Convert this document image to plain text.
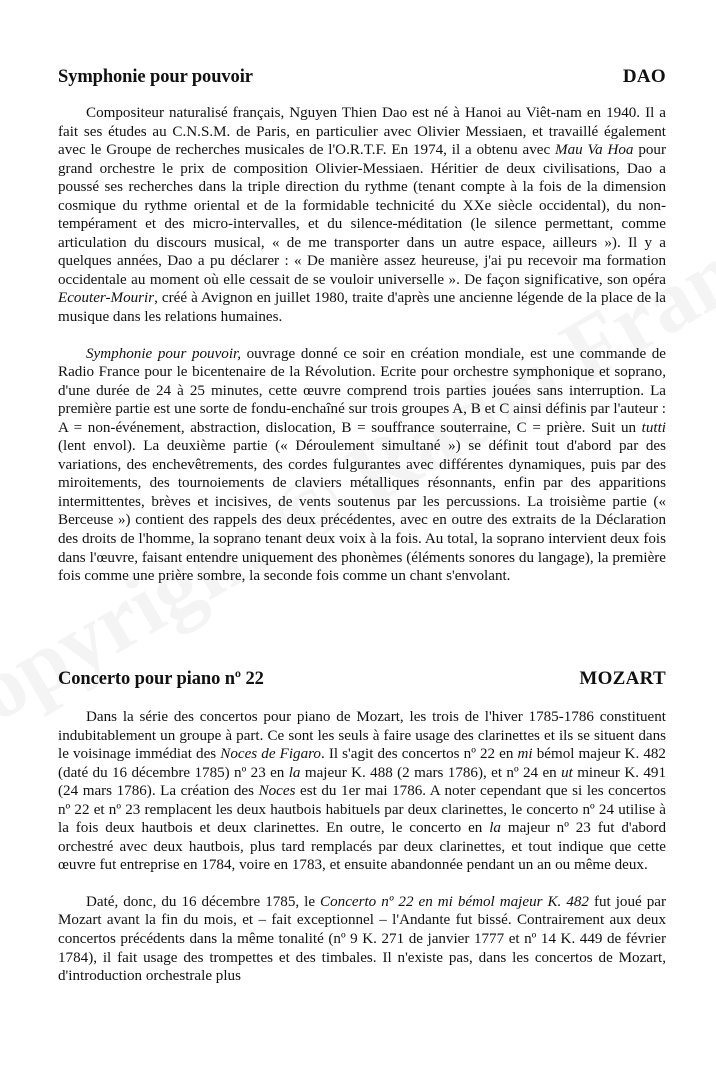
Symphonie pour pouvoir	DAO

Compositeur naturalisé français, Nguyen Thien Dao est né à Hanoi au Viêt-nam en 1940. Il a fait ses études au C.N.S.M. de Paris, en particulier avec Olivier Messiaen, et travaillé également avec le Groupe de recherches musicales de l'O.R.T.F. En 1974, il a obtenu avec Mau Va Hoa pour grand orchestre le prix de composition Olivier-Messiaen. Héritier de deux civilisations, Dao a poussé ses recherches dans la triple direction du rythme (tenant compte à la fois de la dimension cosmique du rythme oriental et de la formidable technicité du XXe siècle occidental), du non-tempérament et des micro-intervalles, et du silence-méditation (le silence permettant, comme articulation du discours musical, « de me transporter dans un autre espace, ailleurs »). Il y a quelques années, Dao a pu déclarer : « De manière assez heureuse, j'ai pu recevoir ma formation occidentale au moment où elle cessait de se vouloir universelle ». De façon significative, son opéra Ecouter-Mourir, créé à Avignon en juillet 1980, traite d'après une ancienne légende de la place de la musique dans les relations humaines.

Symphonie pour pouvoir, ouvrage donné ce soir en création mondiale, est une commande de Radio France pour le bicentenaire de la Révolution. Ecrite pour orchestre symphonique et soprano, d'une durée de 24 à 25 minutes, cette œuvre comprend trois parties jouées sans interruption. La première partie est une sorte de fondu-enchaîné sur trois groupes A, B et C ainsi définis par l'auteur : A = non-événement, abstraction, dislocation, B = souffrance souterraine, C = prière. Suit un tutti (lent envol). La deuxième partie (« Déroulement simultané ») se définit tout d'abord par des variations, des enchevêtrements, des cordes fulgurantes avec différentes dynamiques, puis par des miroitements, des tournoiements de claviers métalliques résonnants, enfin par des apparitions intermittentes, brèves et incisives, de vents soutenus par les percussions. La troisième partie (« Berceuse ») contient des rappels des deux précédentes, avec en outre des extraits de la Déclaration des droits de l'homme, la soprano tenant deux voix à la fois. Au total, la soprano intervient deux fois dans l'œuvre, faisant entendre uniquement des phonèmes (éléments sonores du langage), la première fois comme une prière sombre, la seconde fois comme un chant s'envolant.

Concerto pour piano nº 22	MOZART

Dans la série des concertos pour piano de Mozart, les trois de l'hiver 1785-1786 constituent indubitablement un groupe à part. Ce sont les seuls à faire usage des clarinettes et ils se situent dans le voisinage immédiat des Noces de Figaro. Il s'agit des concertos nº 22 en mi bémol majeur K. 482 (daté du 16 décembre 1785) nº 23 en la majeur K. 488 (2 mars 1786), et nº 24 en ut mineur K. 491 (24 mars 1786). La création des Noces est du 1er mai 1786. A noter cependant que si les concertos nº 22 et nº 23 remplacent les deux hautbois habituels par deux clarinettes, le concerto nº 24 utilise à la fois deux hautbois et deux clarinettes. En outre, le concerto en la majeur nº 23 fut d'abord orchestré avec deux hautbois, plus tard remplacés par deux clarinettes, et tout indique que cette œuvre fut entreprise en 1784, voire en 1783, et ensuite abandonnée pendant un an ou même deux.

Daté, donc, du 16 décembre 1785, le Concerto nº 22 en mi bémol majeur K. 482 fut joué par Mozart avant la fin du mois, et – fait exceptionnel – l'Andante fut bissé. Contrairement aux deux concertos précédents dans la même tonalité (nº 9 K. 271 de janvier 1777 et nº 14 K. 449 de février 1784), il fait usage des trompettes et des timbales. Il n'existe pas, dans les concertos de Mozart, d'introduction orchestrale plus
